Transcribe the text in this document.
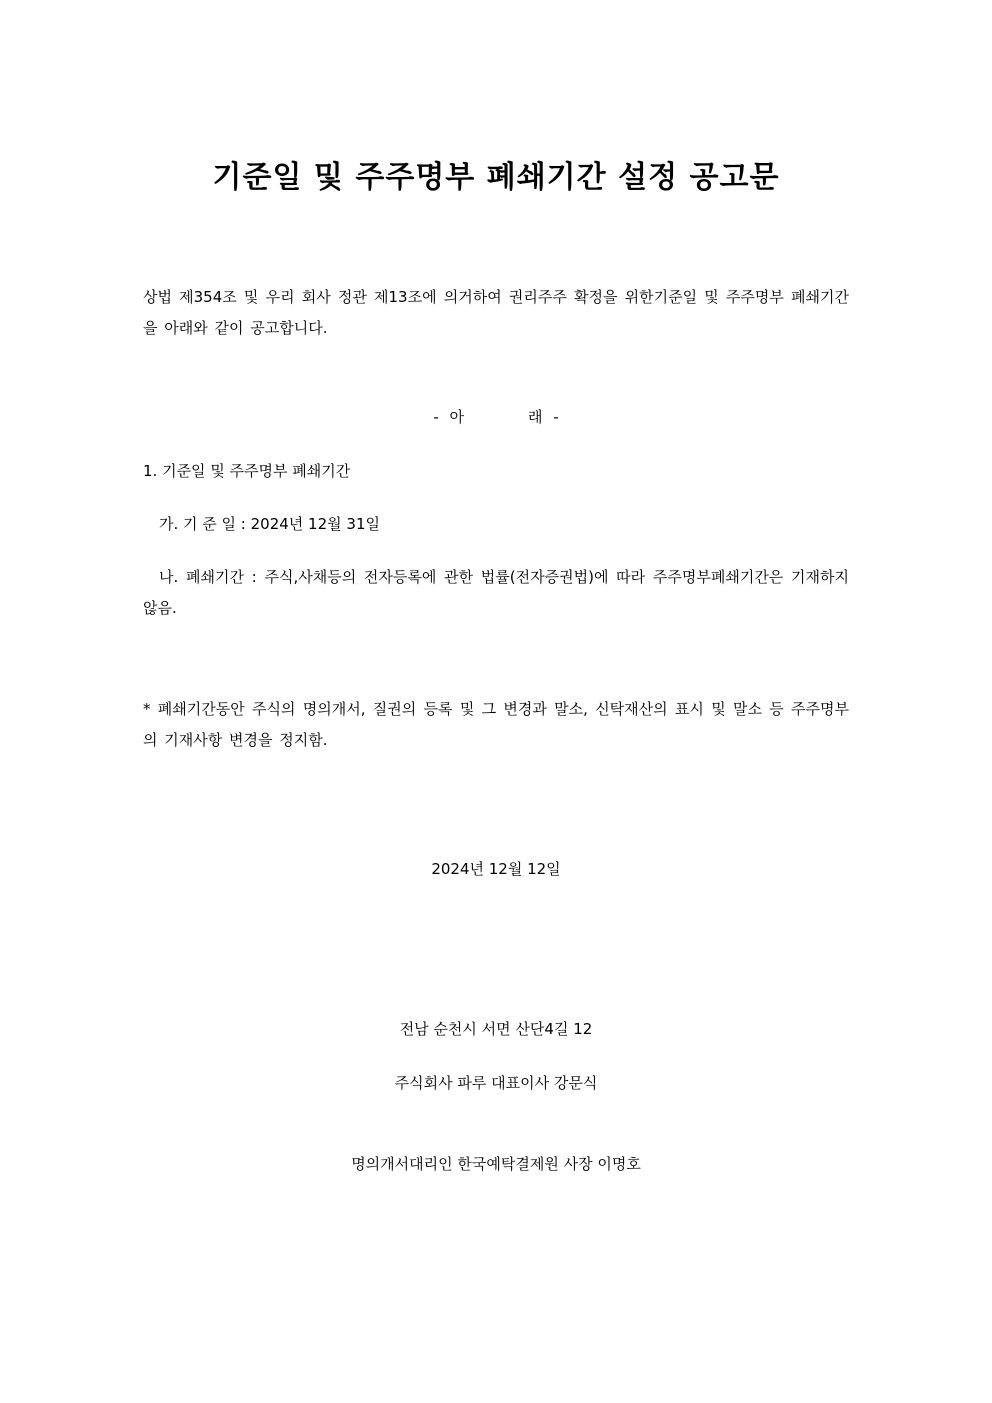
기준일 및 주주명부 폐쇄기간 설정 공고문
상법 제354조 및 우리 회사 정관 제13조에 의거하여 권리주주 확정을 위한기준일 및 주주명부 폐쇄기간을 아래와 같이 공고합니다.
- 아	래 -
1. 기준일 및 주주명부 폐쇄기간
가. 기 준 일 : 2024년 12월 31일
나. 폐쇄기간 : 주식,사채등의 전자등록에 관한 법률(전자증권법)에 따라 주주명부폐쇄기간은 기재하지 않음.
* 폐쇄기간동안 주식의 명의개서, 질권의 등록 및 그 변경과 말소, 신탁재산의 표시 및 말소 등 주주명부의 기재사항 변경을 정지함.
2024년 12월 12일
전남 순천시 서면 산단4길 12
주식회사 파루 대표이사 강문식
명의개서대리인 한국예탁결제원 사장 이명호
